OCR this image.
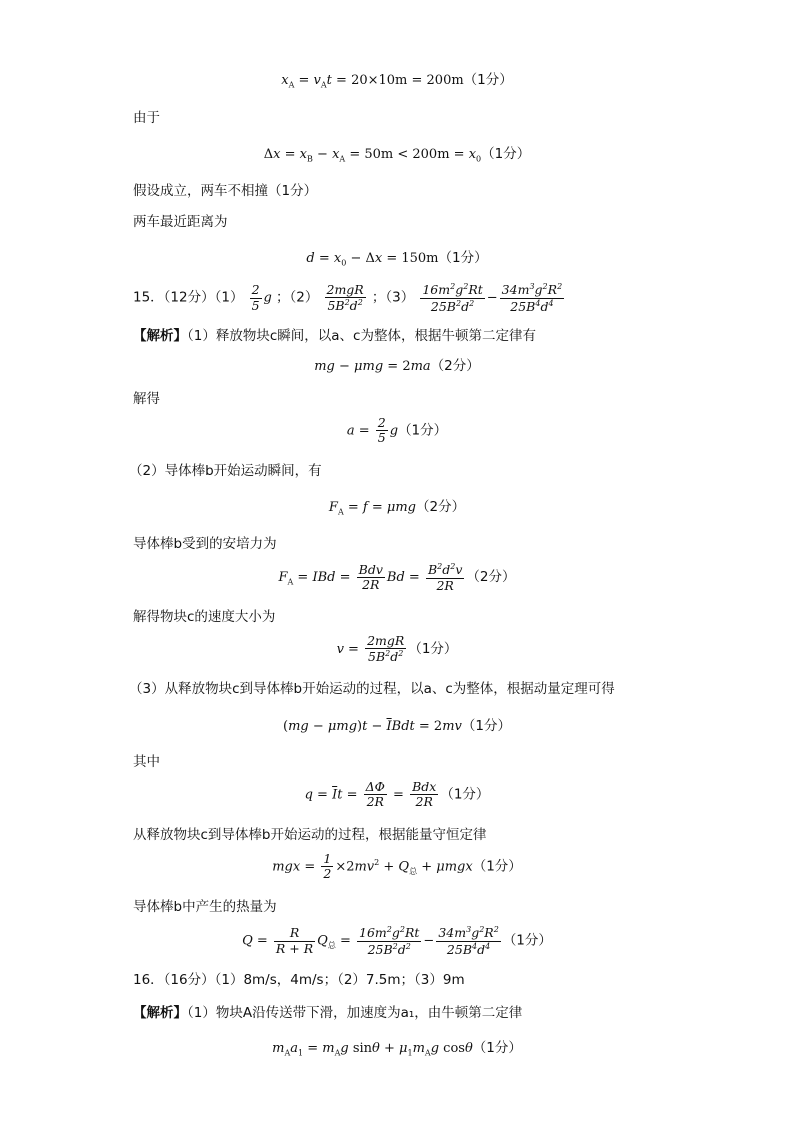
$x_A = v_At = 20\times 10m = 200m(1$分）
由于
$\Delta x = x_B - x_A = 50m < 200m = x_0(1$分）
假设成立，两车不相撞（1分）
两车最近距离为
$d = x_0 - \Delta x = 150m(1$分）
15．（12分）$(1) \frac{2}{5}$ g ；（2）
2mgR
$5B^2d^2$ ；$(3) \frac{16m^2g^2Rt}{25B^2d^2} - \frac{34m^3g^2R^2}{25B^4d^4}$
【解析】（1）释放物块c瞬间，以a、c为整体，根据牛顿第二定律有
mg − μmg = 2ma（2分）
解得
$a = \frac{2}{5} g(1$分）
（2）导体棒b开始运动瞬间，有
$F_A = f = \mu mg(2$分）
导体棒b受到的安培力为
$F_A$ = IBd =
Bdv
2R $Bd = \frac{B^2d^2v}{2R} (2$分）
解得物块c的速度大小为
v =
2mgR
$5B^2d^2$ （1分）
（3）从释放物块c到导体棒b开始运动的过程，以a、c为整体，根据动量定理可得
$(mg - \mu mg)t - \overline{I}Bdt = 2mv(1$分）
其中
$q = \overline{I}t = \frac{\Delta\Phi}{2R}$ =
Bdx
2R （1分）
从释放物块c到导体棒b开始运动的过程，根据能量守恒定律
mgx = $\frac{1}{2} \times 2mv^2 + Q_总 + \mu mgx(1$分）
导体棒b中产生的热量为
$Q = \frac{R}{R + R} Q_总 = \frac{16m^2g^2Rt}{25B^2d^2} - \frac{34m^3g^2R^2}{25B^4d^4} (1$分）
16．（16分）（1）8m/s，4m/s；（2）7.5m；（3）9m
【解析】（1）物块A沿传送带下滑，加速度为a₁，由牛顿第二定律
$m_Aa_1 = m_Ag$ $\sin\theta + \mu_1m_Ag$ cosθ（1分）
